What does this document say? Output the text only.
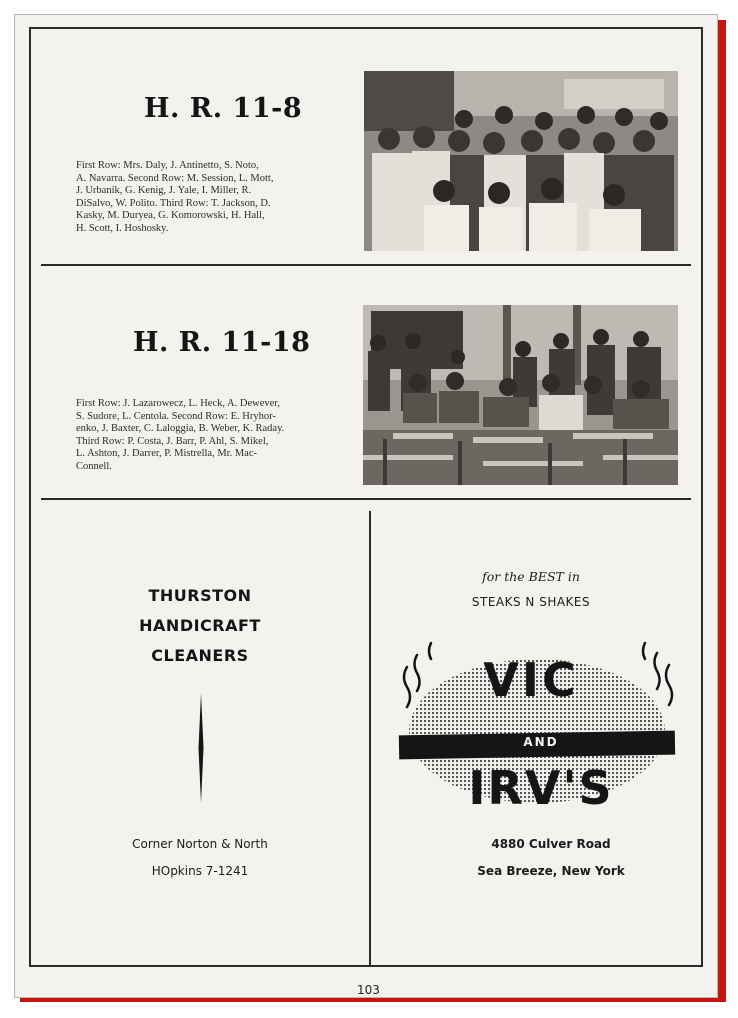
H. R. 11-8
First Row: Mrs. Daly, J. Antinetto, S. Noto,
A. Navarra. Second Row: M. Session, L. Mott,
J. Urbanik, G. Kenig, J. Yale, I. Miller, R.
DiSalvo, W. Polito. Third Row: T. Jackson, D.
Kasky, M. Duryea, G. Komorowski, H. Hall,
H. Scott, I. Hoshosky.
H. R. 11-18
First Row: J. Lazarowecz, L. Heck, A. Dewever,
S. Sudore, L. Centola. Second Row: E. Hryhor-
enko, J. Baxter, C. Laloggia, B. Weber, K. Raday.
Third Row: P. Costa, J. Barr, P. Ahl, S. Mikel,
L. Ashton, J. Darrer, P. Mistrella, Mr. Mac-
Connell.
THURSTON
HANDICRAFT
CLEANERS
Corner Norton & North
HOpkins 7-1241
for the BEST in
STEAKS N SHAKES
VIC
AND
IRV'S
4880 Culver Road
Sea Breeze, New York
103
